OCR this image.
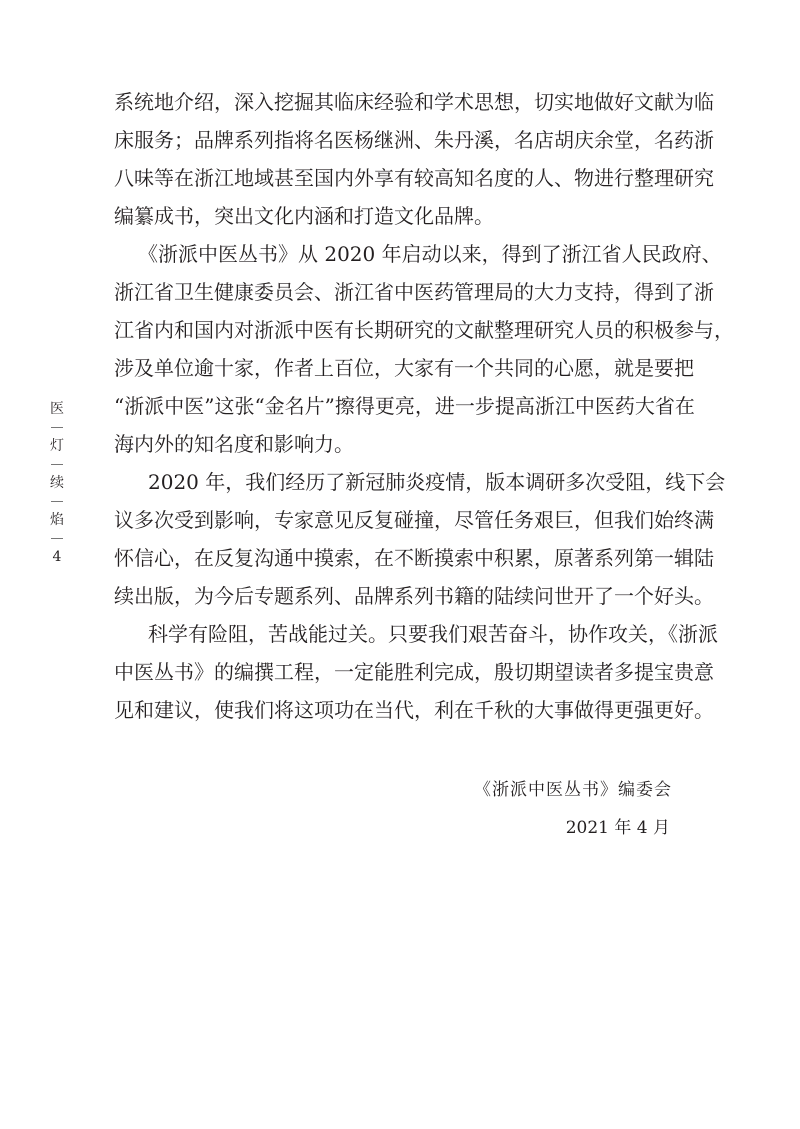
系统地介绍，深入挖掘其临床经验和学术思想，切实地做好文献为临
床服务；品牌系列指将名医杨继洲、朱丹溪，名店胡庆余堂，名药浙
八味等在浙江地域甚至国内外享有较高知名度的人、物进行整理研究
编纂成书，突出文化内涵和打造文化品牌。
《浙派中医丛书》从 2020 年启动以来，得到了浙江省人民政府、
浙江省卫生健康委员会、浙江省中医药管理局的大力支持，得到了浙
江省内和国内对浙派中医有长期研究的文献整理研究人员的积极参与，
涉及单位逾十家，作者上百位，大家有一个共同的心愿，就是要把
“浙派中医”这张“金名片”擦得更亮，进一步提高浙江中医药大省在
海内外的知名度和影响力。
2020 年，我们经历了新冠肺炎疫情，版本调研多次受阻，线下会
议多次受到影响，专家意见反复碰撞，尽管任务艰巨，但我们始终满
怀信心，在反复沟通中摸索，在不断摸索中积累，原著系列第一辑陆
续出版，为今后专题系列、品牌系列书籍的陆续问世开了一个好头。
科学有险阻，苦战能过关。只要我们艰苦奋斗，协作攻关，《浙派
中医丛书》的编撰工程，一定能胜利完成，殷切期望读者多提宝贵意
见和建议，使我们将这项功在当代，利在千秋的大事做得更强更好。
《浙派中医丛书》编委会
2021 年 4 月
医
灯
续
焰
4
